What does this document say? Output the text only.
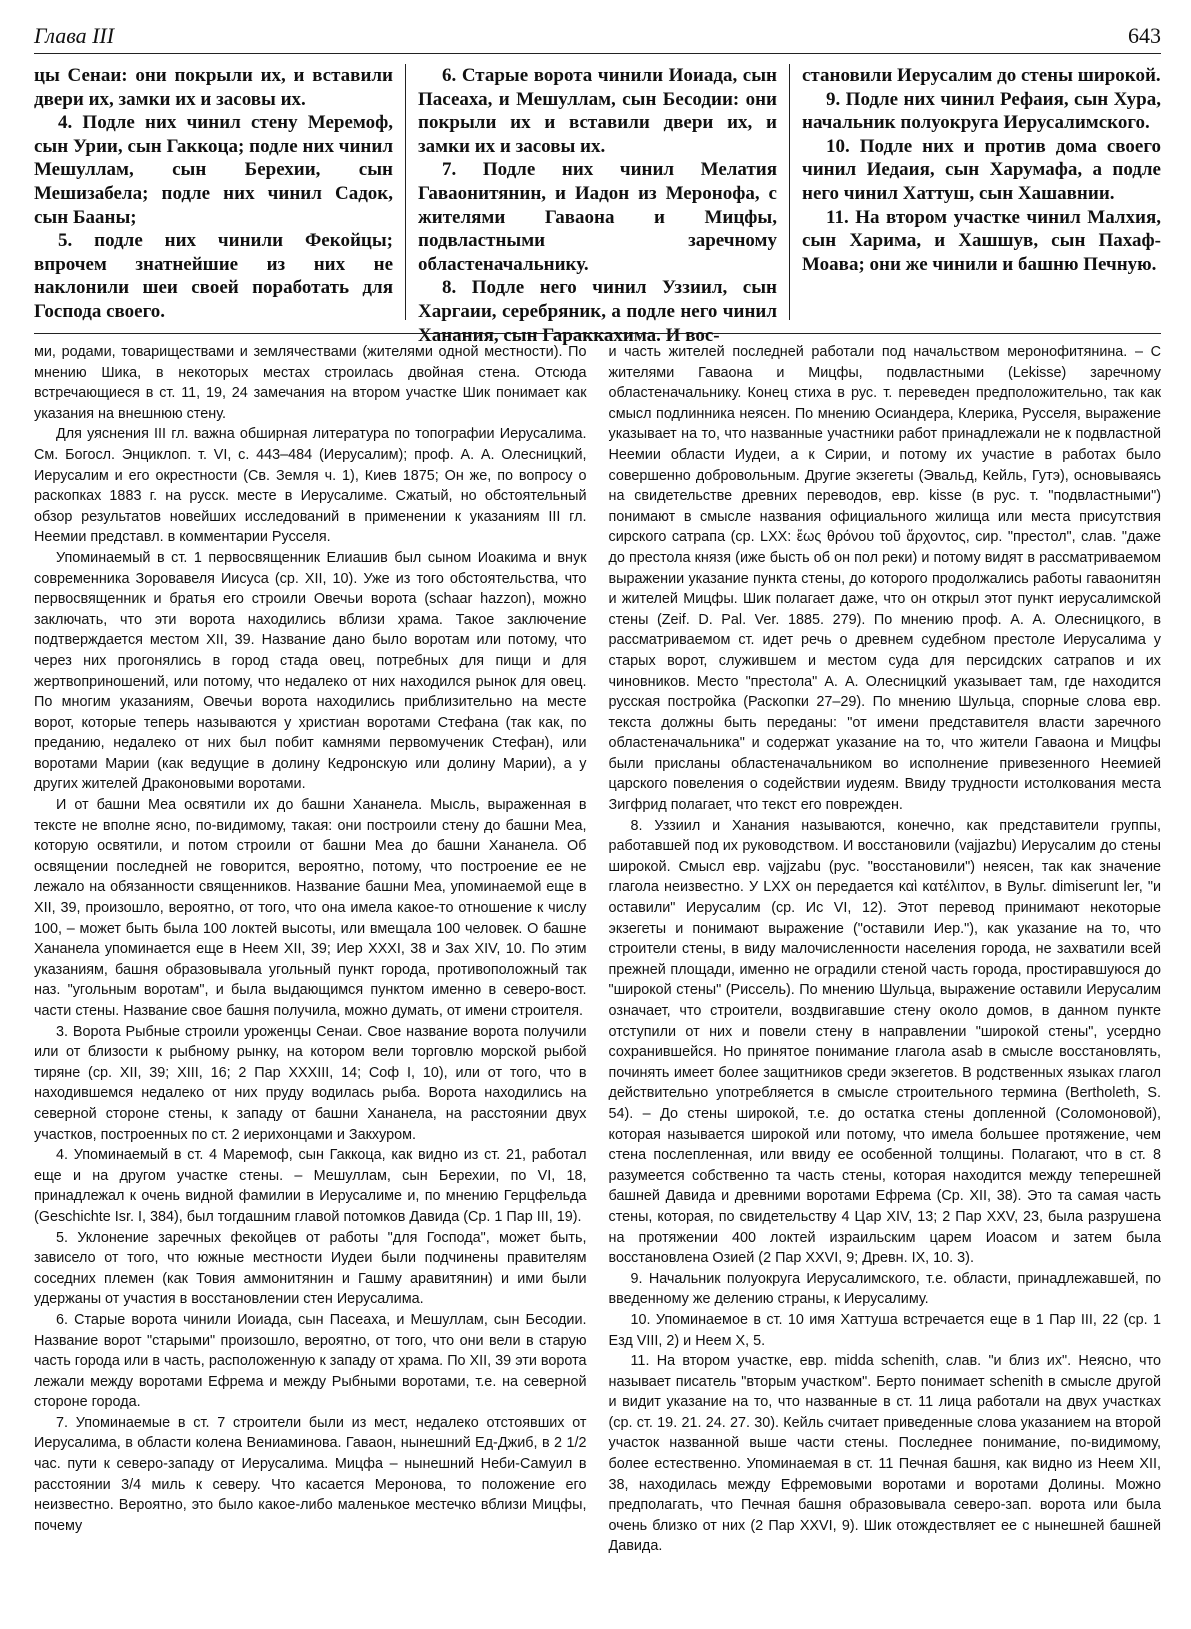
Глава III	643

цы Сенаи: они покрыли их, и вставили двери их, замки их и засовы их.

4. Подле них чинил стену Меремоф, сын Урии, сын Гаккоца; подле них чинил Мешуллам, сын Берехии, сын Мешизабела; подле них чинил Садок, сын Бааны;

5. подле них чинили Фекойцы; впрочем знатнейшие из них не наклонили шеи своей поработать для Господа своего.

6. Старые ворота чинили Иоиада, сын Пасеаха, и Мешуллам, сын Бесодии: они покрыли их и вставили двери их, и замки их и засовы их.

7. Подле них чинил Мелатия Гаваонитянин, и Иадон из Меронофа, с жителями Гаваона и Мицфы, подвластными заречному областеначальнику.

8. Подле него чинил Уззиил, сын Харгаии, серебряник, а подле него чинил Ханания, сын Гараккахима. И вос-

становили Иерусалим до стены широкой.

9. Подле них чинил Рефаия, сын Хура, начальник полуокруга Иерусалимского.

10. Подле них и против дома своего чинил Иедаия, сын Харумафа, а подле него чинил Хаттуш, сын Хашавнии.

11. На втором участке чинил Малхия, сын Харима, и Хашшув, сын Пахаф-Моава; они же чинили и башню Печную.

ми, родами, товариществами и землячествами (жителями одной местности). По мнению Шика, в некоторых местах строилась двойная стена. Отсюда встречающиеся в ст. 11, 19, 24 замечания на втором участке Шик понимает как указания на внешнюю стену.

Для уяснения III гл. важна обширная литература по топографии Иерусалима. См. Богосл. Энциклоп. т. VI, с. 443–484 (Иерусалим); проф. А. А. Олесницкий, Иерусалим и его окрестности (Св. Земля ч. 1), Киев 1875; Он же, по вопросу о раскопках 1883 г. на русск. месте в Иерусалиме. Сжатый, но обстоятельный обзор результатов новейших исследований в применении к указаниям III гл. Неемии представл. в комментарии Русселя.

Упоминаемый в ст. 1 первосвященник Елиашив был сыном Иоакима и внук современника Зоровавеля Иисуса (ср. XII, 10). Уже из того обстоятельства, что первосвященник и братья его строили Овечьи ворота (schaar hazzon), можно заключать, что эти ворота находились вблизи храма. Такое заключение подтверждается местом XII, 39. Название дано было воротам или потому, что через них прогонялись в город стада овец, потребных для пищи и для жертвоприношений, или потому, что недалеко от них находился рынок для овец. По многим указаниям, Овечьи ворота находились приблизительно на месте ворот, которые теперь называются у христиан воротами Стефана (так как, по преданию, недалеко от них был побит камнями первомученик Стефан), или воротами Марии (как ведущие в долину Кедронскую или долину Марии), а у других жителей Драконовыми воротами.

И от башни Меа освятили их до башни Хананела. Мысль, выраженная в тексте не вполне ясно, по-видимому, такая: они построили стену до башни Меа, которую освятили, и потом строили от башни Меа до башни Хананела. Об освящении последней не говорится, вероятно, потому, что построение ее не лежало на обязанности священников. Название башни Меа, упоминаемой еще в XII, 39, произошло, вероятно, от того, что она имела какое-то отношение к числу 100, – может быть была 100 локтей высоты, или вмещала 100 человек. О башне Хананела упоминается еще в Неем XII, 39; Иер XXXI, 38 и Зах XIV, 10. По этим указаниям, башня образовывала угольный пункт города, противоположный так наз. "угольным воротам", и была выдающимся пунктом именно в северо-вост. части стены. Название свое башня получила, можно думать, от имени строителя.

3. Ворота Рыбные строили уроженцы Сенаи. Свое название ворота получили или от близости к рыбному рынку, на котором вели торговлю морской рыбой тиряне (ср. XII, 39; XIII, 16; 2 Пар XXXIII, 14; Соф I, 10), или от того, что в находившемся недалеко от них пруду водилась рыба. Ворота находились на северной стороне стены, к западу от башни Хананела, на расстоянии двух участков, построенных по ст. 2 иерихонцами и Закхуром.

4. Упоминаемый в ст. 4 Маремоф, сын Гаккоца, как видно из ст. 21, работал еще и на другом участке стены. – Мешуллам, сын Берехии, по VI, 18, принадлежал к очень видной фамилии в Иерусалиме и, по мнению Герцфельда (Geschichte Isr. I, 384), был тогдашним главой потомков Давида (Ср. 1 Пар III, 19).

5. Уклонение заречных фекойцев от работы "для Господа", может быть, зависело от того, что южные местности Иудеи были подчинены правителям соседних племен (как Товия аммонитянин и Гашму аравитянин) и ими были удержаны от участия в восстановлении стен Иерусалима.

6. Старые ворота чинили Иоиада, сын Пасеаха, и Мешуллам, сын Бесодии. Название ворот "старыми" произошло, вероятно, от того, что они вели в старую часть города или в часть, расположенную к западу от храма. По XII, 39 эти ворота лежали между воротами Ефрема и между Рыбными воротами, т.е. на северной стороне города.

7. Упоминаемые в ст. 7 строители были из мест, недалеко отстоявших от Иерусалима, в области колена Вениаминова. Гаваон, нынешний Ед-Джиб, в 2 1/2 час. пути к северо-западу от Иерусалима. Мицфа – нынешний Неби-Самуил в расстоянии 3/4 миль к северу. Что касается Меронова, то положение его неизвестно. Вероятно, это было какое-либо маленькое местечко вблизи Мицфы, почему

и часть жителей последней работали под начальством меронофитянина. – С жителями Гаваона и Мицфы, подвластными (Lekisse) заречному областеначальнику. Конец стиха в рус. т. переведен предположительно, так как смысл подлинника неясен. По мнению Осиандера, Клерика, Русселя, выражение указывает на то, что названные участники работ принадлежали не к подвластной Неемии области Иудеи, а к Сирии, и потому их участие в работах было совершенно добровольным. Другие экзегеты (Эвальд, Кейль, Гутэ), основываясь на свидетельстве древних переводов, евр. kisse (в рус. т. "подвластными") понимают в смысле названия официального жилища или места присутствия сирского сатрапа (ср. LXX: ἕως θρόνου τοῦ ἄρχοντος, сир. "престол", слав. "даже до престола князя (иже бысть об он пол реки) и потому видят в рассматриваемом выражении указание пункта стены, до которого продолжались работы гаваонитян и жителей Мицфы. Шик полагает даже, что он открыл этот пункт иерусалимской стены (Zeif. D. Pal. Ver. 1885. 279). По мнению проф. А. А. Олесницкого, в рассматриваемом ст. идет речь о древнем судебном престоле Иерусалима у старых ворот, служившем и местом суда для персидских сатрапов и их чиновников. Место "престола" А. А. Олесницкий указывает там, где находится русская постройка (Раскопки 27–29). По мнению Шульца, спорные слова евр. текста должны быть переданы: "от имени представителя власти заречного областеначальника" и содержат указание на то, что жители Гаваона и Мицфы были присланы областеначальником во исполнение привезенного Неемией царского повеления о содействии иудеям. Ввиду трудности истолкования места Зигфрид полагает, что текст его поврежден.

8. Уззиил и Ханания называются, конечно, как представители группы, работавшей под их руководством. И восстановили (vajjazbu) Иерусалим до стены широкой. Смысл евр. vajjzabu (рус. "восстановили") неясен, так как значение глагола неизвестно. У LXX он передается καὶ κατέλιπον, в Вульг. dimiserunt ler, "и оставили" Иерусалим (ср. Ис VI, 12). Этот перевод принимают некоторые экзегеты и понимают выражение ("оставили Иер."), как указание на то, что строители стены, в виду малочисленности населения города, не захватили всей прежней площади, именно не оградили стеной часть города, простиравшуюся до "широкой стены" (Риссель). По мнению Шульца, выражение оставили Иерусалим означает, что строители, воздвигавшие стену около домов, в данном пункте отступили от них и повели стену в направлении "широкой стены", усердно сохранившейся. Но принятое понимание глагола asab в смысле восстановлять, починять имеет более защитников среди экзегетов. В родственных языках глагол действительно употребляется в смысле строительного термина (Bertholeth, S. 54). – До стены широкой, т.е. до остатка стены допленной (Соломоновой), которая называется широкой или потому, что имела большее протяжение, чем стена послепленная, или ввиду ее особенной толщины. Полагают, что в ст. 8 разумеется собственно та часть стены, которая находится между теперешней башней Давида и древними воротами Ефрема (Ср. XII, 38). Это та самая часть стены, которая, по свидетельству 4 Цар XIV, 13; 2 Пар XXV, 23, была разрушена на протяжении 400 локтей израильским царем Иоасом и затем была восстановлена Озией (2 Пар XXVI, 9; Древн. IX, 10. 3).

9. Начальник полуокруга Иерусалимского, т.е. области, принадлежавшей, по введенному же делению страны, к Иерусалиму.

10. Упоминаемое в ст. 10 имя Хаттуша встречается еще в 1 Пар III, 22 (ср. 1 Езд VIII, 2) и Неем X, 5.

11. На втором участке, евр. midda schenith, слав. "и близ их". Неясно, что называет писатель "вторым участком". Берто понимает schenith в смысле другой и видит указание на то, что названные в ст. 11 лица работали на двух участках (ср. ст. 19. 21. 24. 27. 30). Кейль считает приведенные слова указанием на второй участок названной выше части стены. Последнее понимание, по-видимому, более естественно. Упоминаемая в ст. 11 Печная башня, как видно из Неем XII, 38, находилась между Ефремовыми воротами и воротами Долины. Можно предполагать, что Печная башня образовывала северо-зап. ворота или была очень близко от них (2 Пар XXVI, 9). Шик отождествляет ее с нынешней башней Давида.
